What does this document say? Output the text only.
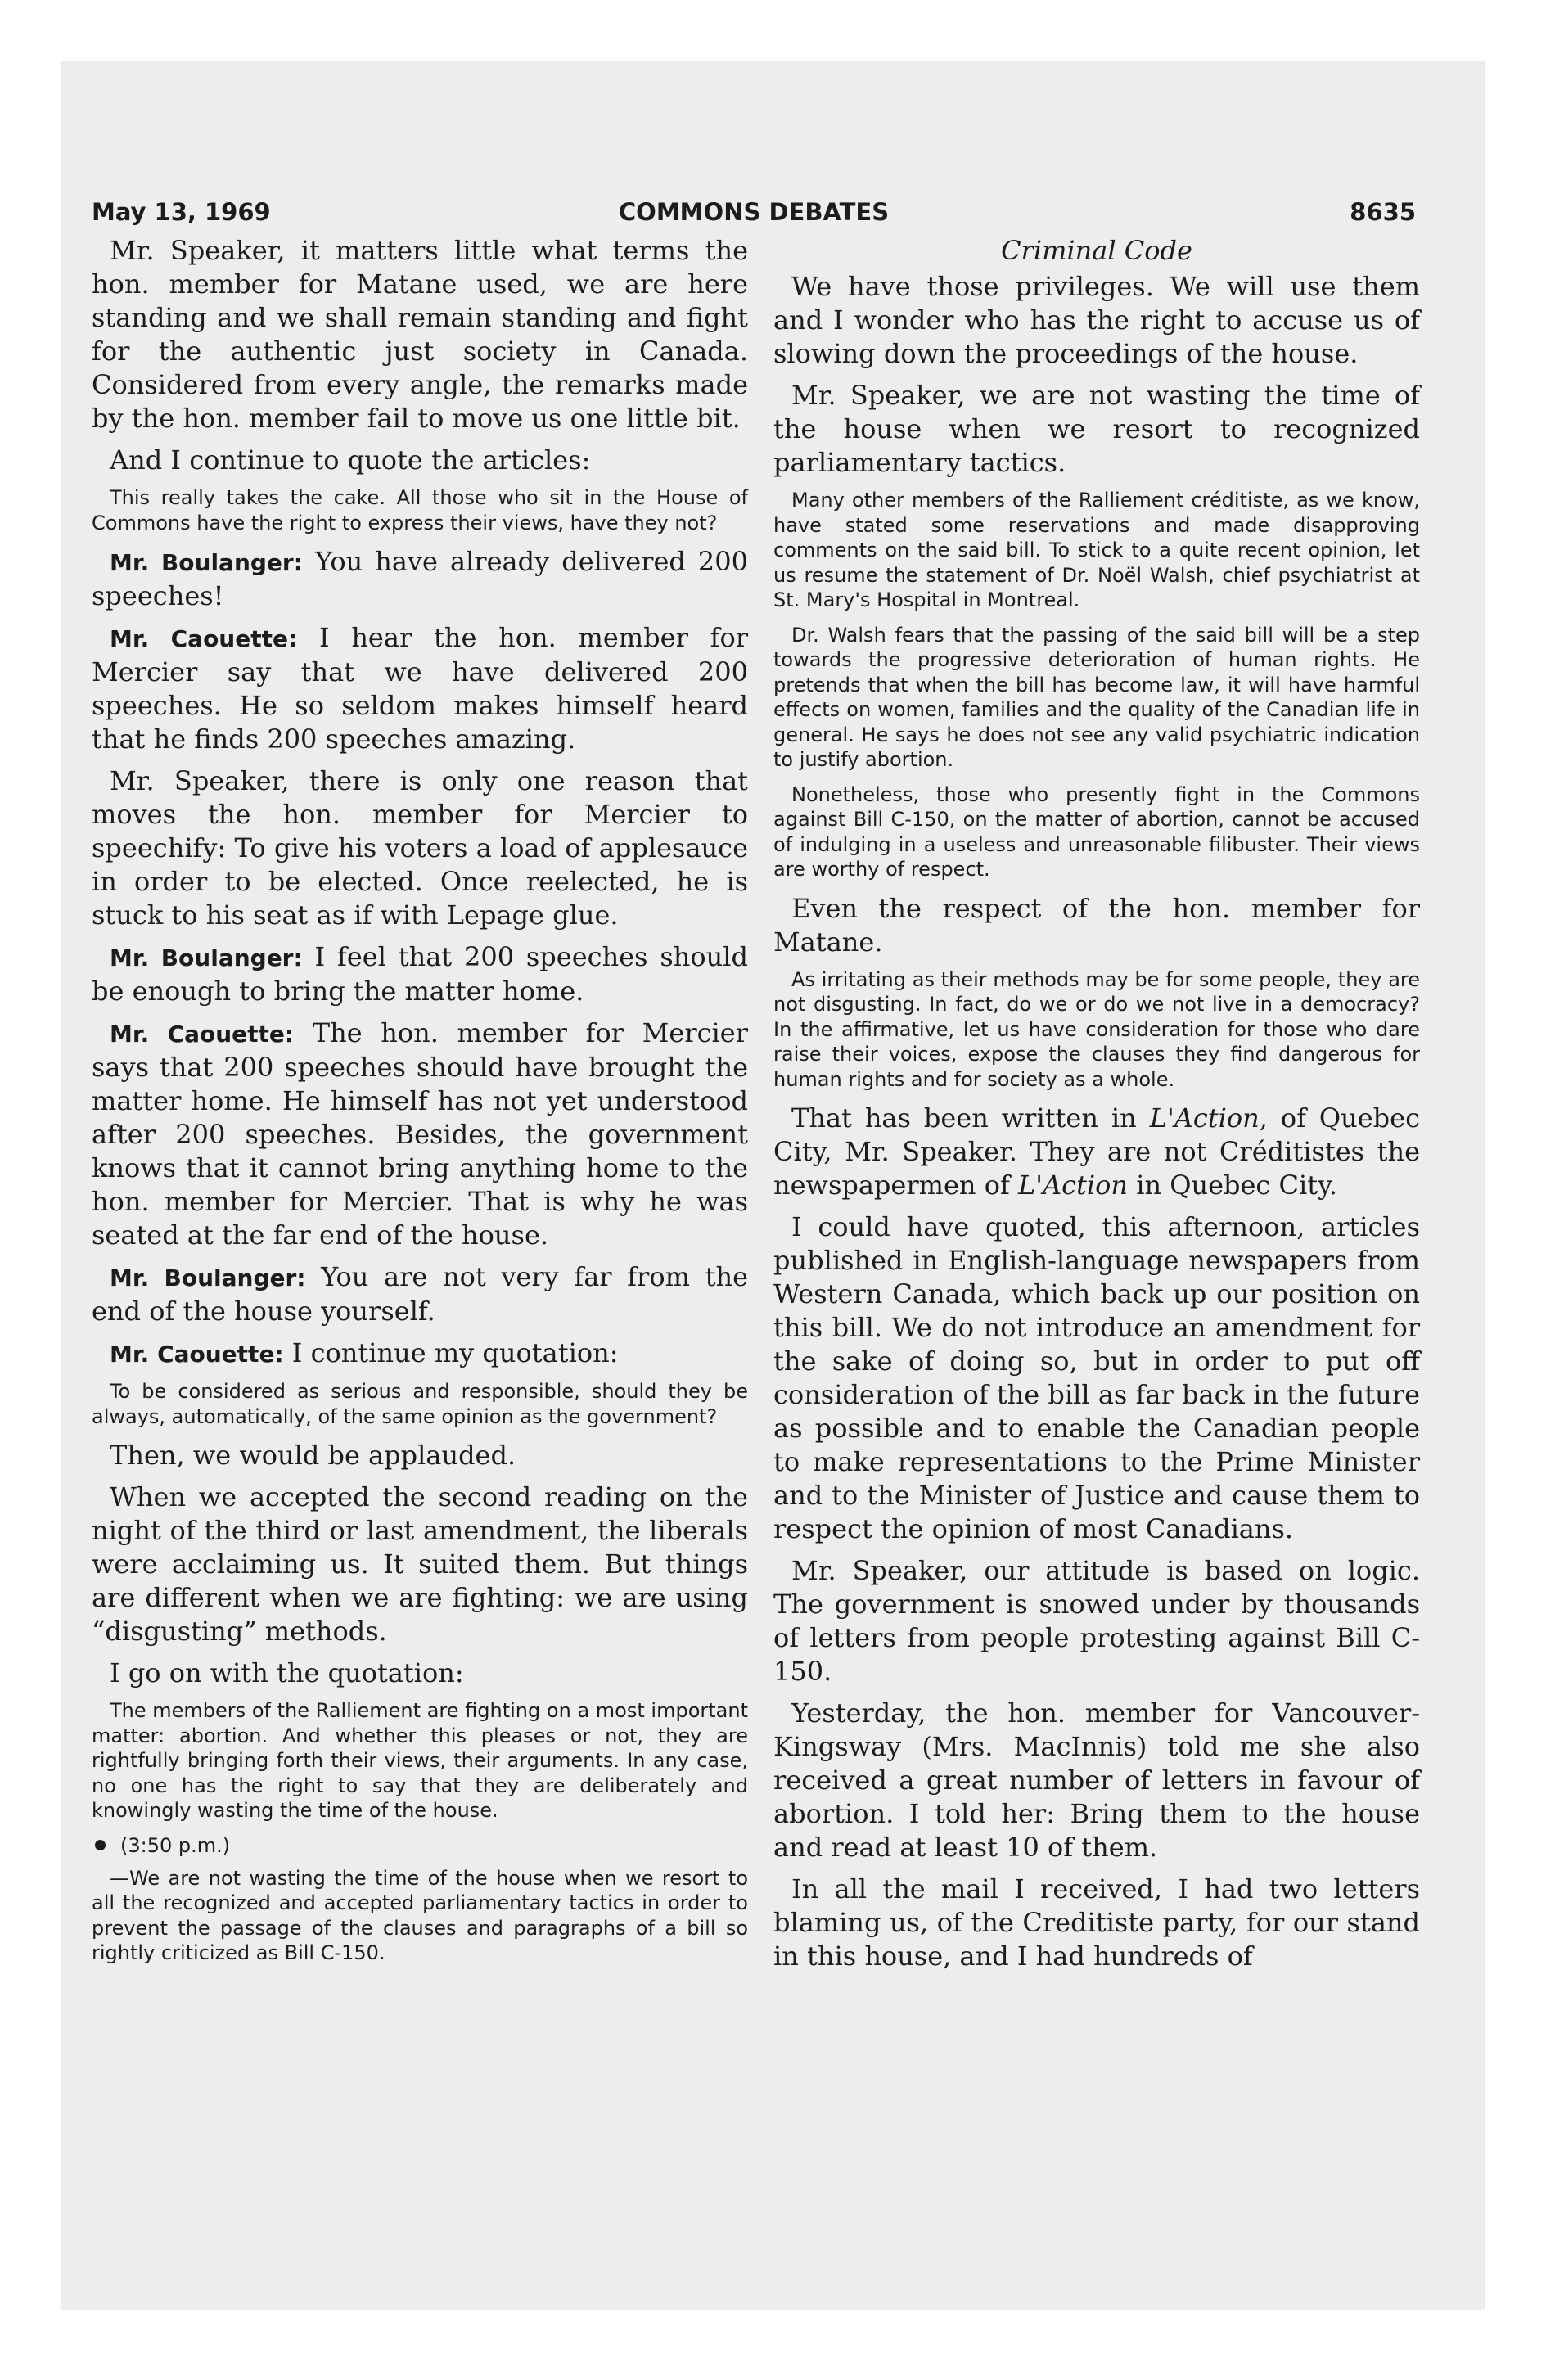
May 13, 1969	COMMONS DEBATES	8635

Mr. Speaker, it matters little what terms the hon. member for Matane used, we are here standing and we shall remain standing and fight for the authentic just society in Canada. Considered from every angle, the remarks made by the hon. member fail to move us one little bit.

And I continue to quote the articles:

This really takes the cake. All those who sit in the House of Commons have the right to express their views, have they not?

Mr. Boulanger: You have already delivered 200 speeches!

Mr. Caouette: I hear the hon. member for Mercier say that we have delivered 200 speeches. He so seldom makes himself heard that he finds 200 speeches amazing.

Mr. Speaker, there is only one reason that moves the hon. member for Mercier to speechify: To give his voters a load of applesauce in order to be elected. Once reelected, he is stuck to his seat as if with Lepage glue.

Mr. Boulanger: I feel that 200 speeches should be enough to bring the matter home.

Mr. Caouette: The hon. member for Mercier says that 200 speeches should have brought the matter home. He himself has not yet understood after 200 speeches. Besides, the government knows that it cannot bring anything home to the hon. member for Mercier. That is why he was seated at the far end of the house.

Mr. Boulanger: You are not very far from the end of the house yourself.

Mr. Caouette: I continue my quotation:

To be considered as serious and responsible, should they be always, automatically, of the same opinion as the government?

Then, we would be applauded.

When we accepted the second reading on the night of the third or last amendment, the liberals were acclaiming us. It suited them. But things are different when we are fighting: we are using “disgusting” methods.

I go on with the quotation:

The members of the Ralliement are fighting on a most important matter: abortion. And whether this pleases or not, they are rightfully bringing forth their views, their arguments. In any case, no one has the right to say that they are deliberately and knowingly wasting the time of the house.

(3:50 p.m.)

—We are not wasting the time of the house when we resort to all the recognized and accepted parliamentary tactics in order to prevent the passage of the clauses and paragraphs of a bill so rightly criticized as Bill C-150.

Criminal Code

We have those privileges. We will use them and I wonder who has the right to accuse us of slowing down the proceedings of the house.

Mr. Speaker, we are not wasting the time of the house when we resort to recognized parliamentary tactics.

Many other members of the Ralliement créditiste, as we know, have stated some reservations and made disapproving comments on the said bill. To stick to a quite recent opinion, let us resume the statement of Dr. Noël Walsh, chief psychiatrist at St. Mary's Hospital in Montreal.

Dr. Walsh fears that the passing of the said bill will be a step towards the progressive deterioration of human rights. He pretends that when the bill has become law, it will have harmful effects on women, families and the quality of the Canadian life in general. He says he does not see any valid psychiatric indication to justify abortion.

Nonetheless, those who presently fight in the Commons against Bill C-150, on the matter of abortion, cannot be accused of indulging in a useless and unreasonable filibuster. Their views are worthy of respect.

Even the respect of the hon. member for Matane.

As irritating as their methods may be for some people, they are not disgusting. In fact, do we or do we not live in a democracy? In the affirmative, let us have consideration for those who dare raise their voices, expose the clauses they find dangerous for human rights and for society as a whole.

That has been written in L'Action, of Quebec City, Mr. Speaker. They are not Créditistes the newspapermen of L'Action in Quebec City.

I could have quoted, this afternoon, articles published in English-language newspapers from Western Canada, which back up our position on this bill. We do not introduce an amendment for the sake of doing so, but in order to put off consideration of the bill as far back in the future as possible and to enable the Canadian people to make representations to the Prime Minister and to the Minister of Justice and cause them to respect the opinion of most Canadians.

Mr. Speaker, our attitude is based on logic. The government is snowed under by thousands of letters from people protesting against Bill C-150.

Yesterday, the hon. member for Vancouver-Kingsway (Mrs. MacInnis) told me she also received a great number of letters in favour of abortion. I told her: Bring them to the house and read at least 10 of them.

In all the mail I received, I had two letters blaming us, of the Creditiste party, for our stand in this house, and I had hundreds of
